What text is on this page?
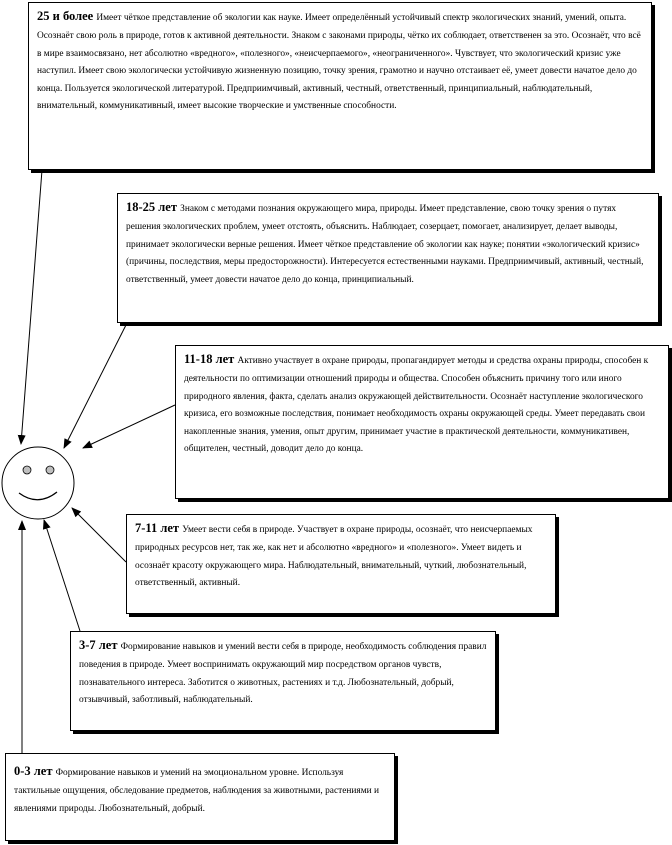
25 и более Имеет чёткое представление об экологии как науке. Имеет определённый устойчивый спектр экологических знаний, умений, опыта. Осознаёт свою роль в природе, готов к активной деятельности. Знаком с законами природы, чётко их соблюдает, ответственен за это. Осознаёт, что всё в мире взаимосвязано, нет абсолютно «вредного», «полезного», «неисчерпаемого», «неограниченного». Чувствует, что экологический кризис уже наступил. Имеет свою экологически устойчивую жизненную позицию, точку зрения, грамотно и научно отстаивает её, умеет довести начатое дело до конца. Пользуется экологической литературой. Предприимчивый, активный, честный, ответственный, принципиальный, наблюдательный, внимательный, коммуникативный, имеет высокие творческие и умственные способности.
18-25 лет Знаком с методами познания окружающего мира, природы. Имеет представление, свою точку зрения о путях решения экологических проблем, умеет отстоять, объяснить. Наблюдает, созерцает, помогает, анализирует, делает выводы, принимает экологически верные решения. Имеет чёткое представление об экологии как науке; понятии «экологический кризис» (причины, последствия, меры предосторожности). Интересуется естественными науками. Предприимчивый, активный, честный, ответственный, умеет довести начатое дело до конца, принципиальный.
11-18 лет Активно участвует в охране природы, пропагандирует методы и средства охраны природы, способен к деятельности по оптимизации отношений природы и общества. Способен объяснить причину того или иного природного явления, факта, сделать анализ окружающей действительности. Осознаёт наступление экологического кризиса, его возможные последствия, понимает необходимость охраны окружающей среды. Умеет передавать свои накопленные знания, умения, опыт другим, принимает участие в практической деятельности, коммуникативен, общителен, честный, доводит дело до конца.
7-11 лет Умеет вести себя в природе. Участвует в охране природы, осознаёт, что неисчерпаемых природных ресурсов нет, так же, как нет и абсолютно «вредного» и «полезного». Умеет видеть и осознаёт красоту окружающего мира. Наблюдательный, внимательный, чуткий, любознательный, ответственный, активный.
3-7 лет Формирование навыков и умений вести себя в природе, необходимость соблюдения правил поведения в природе. Умеет воспринимать окружающий мир посредством органов чувств, познавательного интереса. Заботится о животных, растениях и т.д. Любознательный, добрый, отзывчивый, заботливый, наблюдательный.
0-3 лет Формирование навыков и умений на эмоциональном уровне. Используя тактильные ощущения, обследование предметов, наблюдения за животными, растениями и явлениями природы. Любознательный, добрый.
